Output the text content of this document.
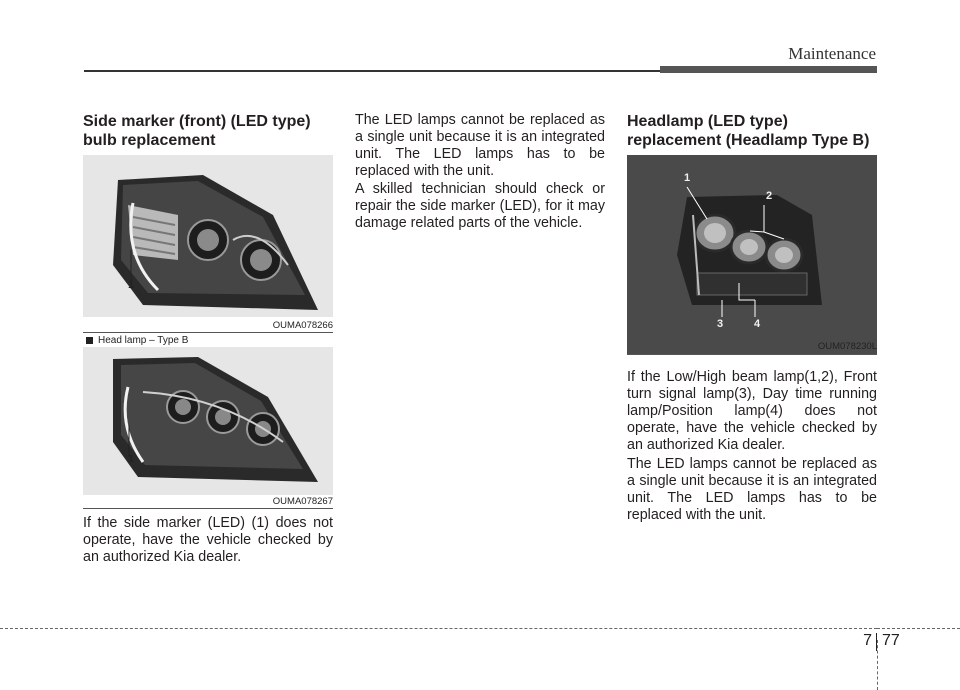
Maintenance
Side marker (front) (LED type) bulb replacement
1
OUMA078266
Head lamp – Type B
1
OUMA078267

If the side marker (LED) (1) does not operate, have the vehicle checked by an authorized Kia dealer.

The LED lamps cannot be replaced as a single unit because it is an integrated unit. The LED lamps has to be replaced with the unit.

A skilled technician should check or repair the side marker (LED), for it may damage related parts of the vehicle.

Headlamp (LED type) replacement (Headlamp Type B)
1
2
3	4
OUM078230L

If the Low/High beam lamp(1,2), Front turn signal lamp(3), Day time running lamp/Position lamp(4) does not operate, have the vehicle checked by an authorized Kia dealer.

The LED lamps cannot be replaced as a single unit because it is an integrated unit. The LED lamps has to be replaced with the unit.

7 77
